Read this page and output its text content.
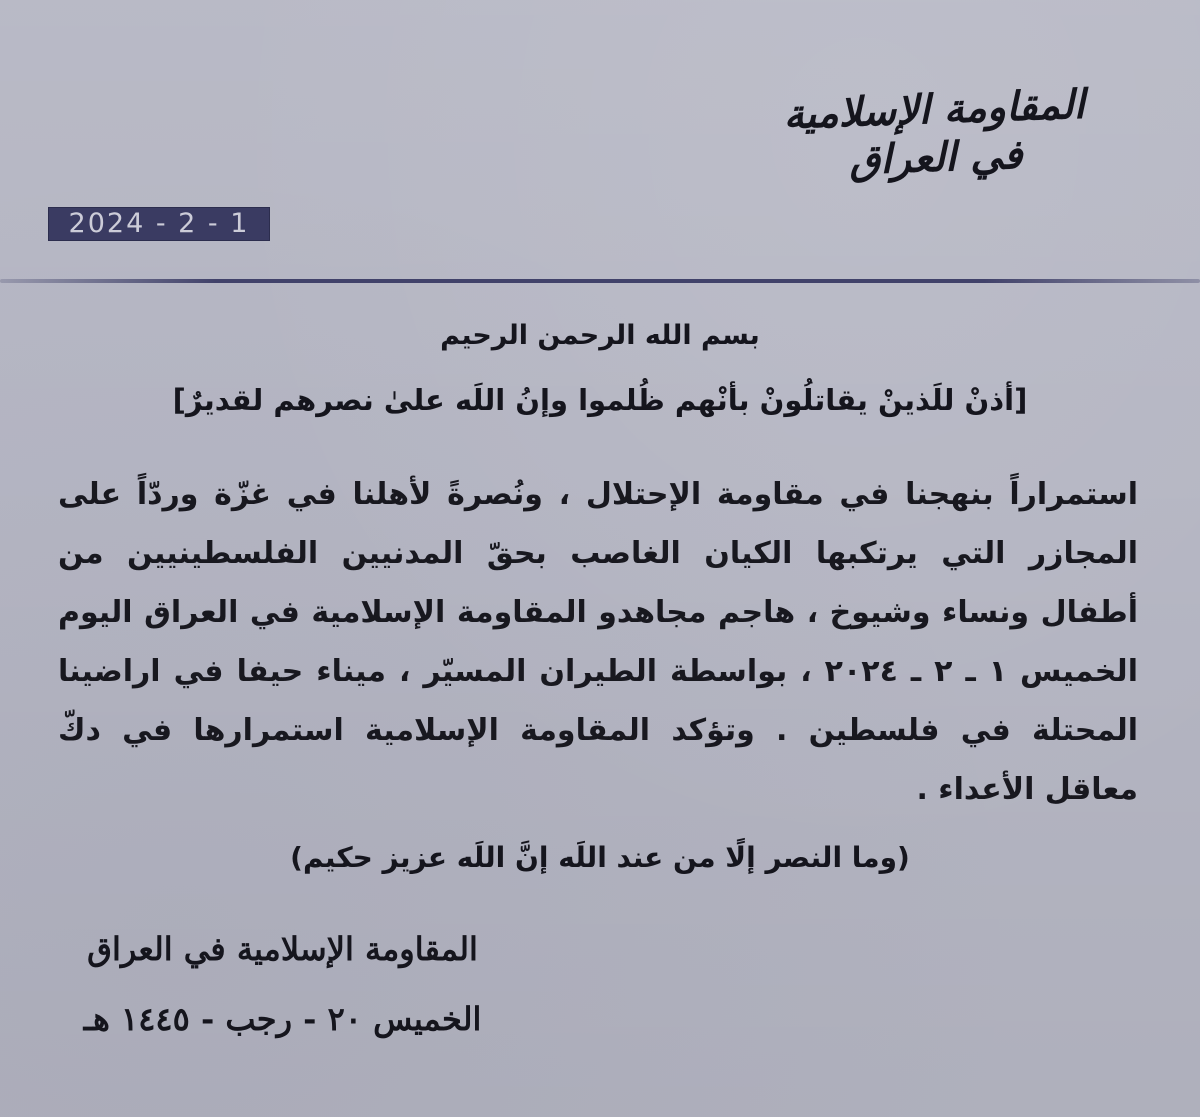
المقاومة الإسلامية في العراق
2024 - 2 - 1
بسم الله الرحمن الرحيم
[أذنْ للَذينْ يقاتلُونْ بأنْهم ظُلموا وإنُ اللَه علىٰ نصرهم لقديرٌ]
استمراراً بنهجنا في مقاومة الإحتلال ، ونُصرةً لأهلنا في غزّة وردّاً على المجازر التي يرتكبها الكيان الغاصب بحقّ المدنيين الفلسطينيين من أطفال ونساء وشيوخ ، هاجم مجاهدو المقاومة الإسلامية في العراق اليوم الخميس ١ ـ ٢ ـ ٢٠٢٤ ، بواسطة الطيران المسيّر ، ميناء حيفا في اراضينا المحتلة في فلسطين . وتؤكد المقاومة الإسلامية استمرارها في دكّ معاقل الأعداء .
(وما النصر إلًا من عند اللَه إنَّ اللَه عزيز حكيم)
المقاومة الإسلامية في العراق
الخميس ٢٠ - رجب - ١٤٤٥ هـ
